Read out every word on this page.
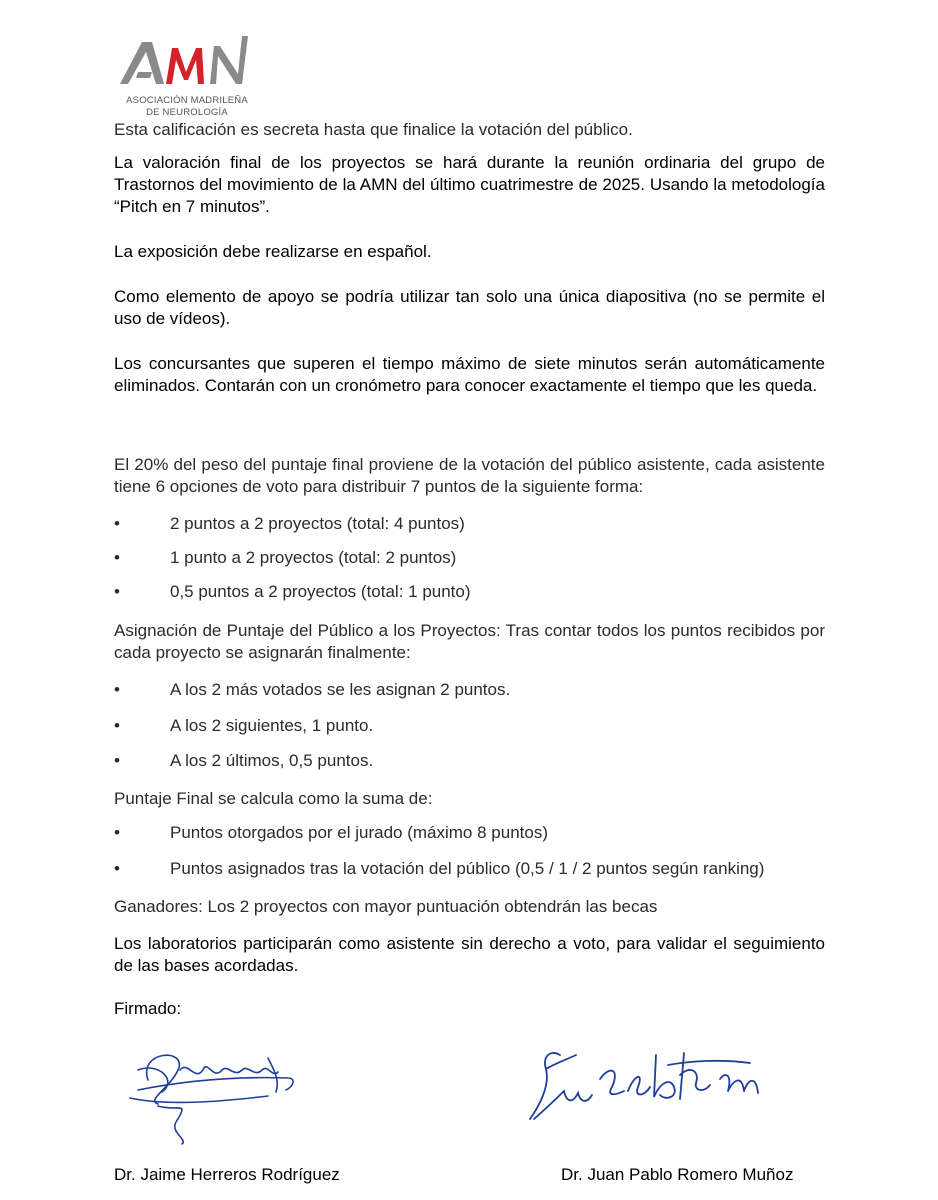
ASOCIACIÓN MADRILEÑA
DE NEUROLOGÍA
Esta calificación es secreta hasta que finalice la votación del público.
La valoración final de los proyectos se hará durante la reunión ordinaria del grupo de Trastornos del movimiento de la AMN del último cuatrimestre de 2025. Usando la metodología “Pitch en 7 minutos”.
La exposición debe realizarse en español.
Como elemento de apoyo se podría utilizar tan solo una única diapositiva (no se permite el uso de vídeos).
Los concursantes que superen el tiempo máximo de siete minutos serán automáticamente eliminados. Contarán con un cronómetro para conocer exactamente el tiempo que les queda.
El 20% del peso del puntaje final proviene de la votación del público asistente, cada asistente tiene 6 opciones de voto para distribuir 7 puntos de la siguiente forma:
•	2 puntos a 2 proyectos (total: 4 puntos)
•	1 punto a 2 proyectos (total: 2 puntos)
•	0,5 puntos a 2 proyectos (total: 1 punto)
Asignación de Puntaje del Público a los Proyectos: Tras contar todos los puntos recibidos por cada proyecto se asignarán finalmente:
•	A los 2 más votados se les asignan 2 puntos.
•	A los 2 siguientes, 1 punto.
•	A los 2 últimos, 0,5 puntos.
Puntaje Final se calcula como la suma de:
•	Puntos otorgados por el jurado (máximo 8 puntos)
•	Puntos asignados tras la votación del público (0,5 / 1 / 2 puntos según ranking)
Ganadores: Los 2 proyectos con mayor puntuación obtendrán las becas
Los laboratorios participarán como asistente sin derecho a voto, para validar el seguimiento de las bases acordadas.
Firmado:
Dr. Jaime Herreros Rodríguez	Dr. Juan Pablo Romero Muñoz
